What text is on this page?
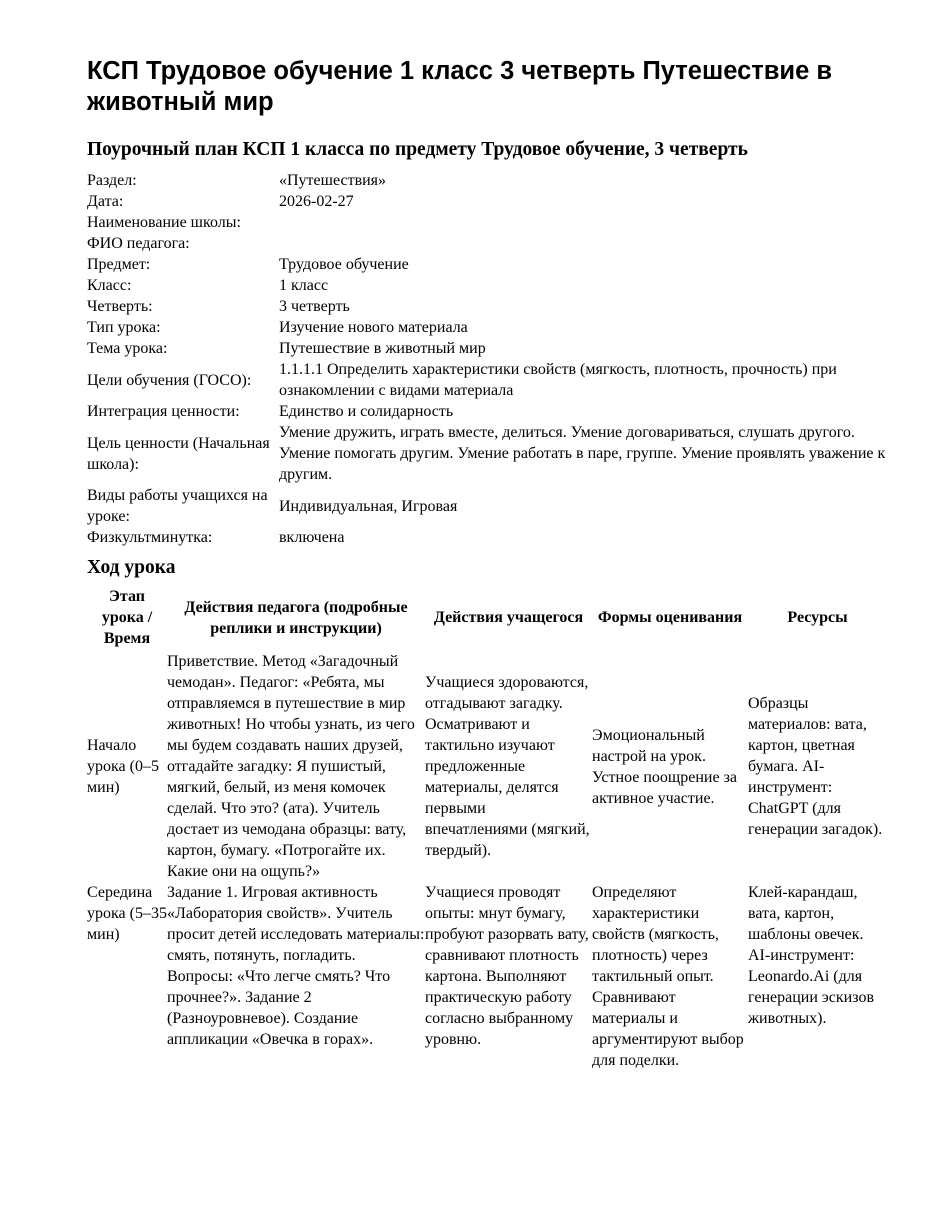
КСП Трудовое обучение 1 класс 3 четверть Путешествие в животный мир
Поурочный план КСП 1 класса по предмету Трудовое обучение, 3 четверть
Раздел:	«Путешествия»
Дата:	2026-02-27
Наименование школы:	
ФИО педагога:	
Предмет:	Трудовое обучение
Класс:	1 класс
Четверть:	3 четверть
Тип урока:	Изучение нового материала
Тема урока:	Путешествие в животный мир
Цели обучения (ГОСО):	1.1.1.1 Определить характеристики свойств (мягкость, плотность, прочность) при ознакомлении с видами материала
Интеграция ценности:	Единство и солидарность
Цель ценности (Начальная школа):	Умение дружить, играть вместе, делиться. Умение договариваться, слушать другого. Умение помогать другим. Умение работать в паре, группе. Умение проявлять уважение к другим.
Виды работы учащихся на уроке:	Индивидуальная, Игровая
Физкультминутка:	включена
Ход урока
Этап урока / Время	Действия педагога (подробные реплики и инструкции)	Действия учащегося	Формы оценивания	Ресурсы
Начало урока (0–5 мин)	Приветствие. Метод «Загадочный чемодан». Педагог: «Ребята, мы отправляемся в путешествие в мир животных! Но чтобы узнать, из чего мы будем создавать наших друзей, отгадайте загадку: Я пушистый, мягкий, белый, из меня комочек сделай. Что это? (ата). Учитель достает из чемодана образцы: вату, картон, бумагу. «Потрогайте их. Какие они на ощупь?»	Учащиеся здороваются, отгадывают загадку. Осматривают и тактильно изучают предложенные материалы, делятся первыми впечатлениями (мягкий, твердый).	Эмоциональный настрой на урок. Устное поощрение за активное участие.	Образцы материалов: вата, картон, цветная бумага. AI-инструмент: ChatGPT (для генерации загадок).
Середина урока (5–35 мин)	Задание 1. Игровая активность «Лаборатория свойств». Учитель просит детей исследовать материалы: смять, потянуть, погладить. Вопросы: «Что легче смять? Что прочнее?». Задание 2 (Разноуровневое). Создание аппликации «Овечка в горах».	Учащиеся проводят опыты: мнут бумагу, пробуют разорвать вату, сравнивают плотность картона. Выполняют практическую работу согласно выбранному уровню.	Определяют характеристики свойств (мягкость, плотность) через тактильный опыт. Сравнивают материалы и аргументируют выбор для поделки.	Клей-карандаш, вата, картон, шаблоны овечек. AI-инструмент: Leonardo.Ai (для генерации эскизов животных).
